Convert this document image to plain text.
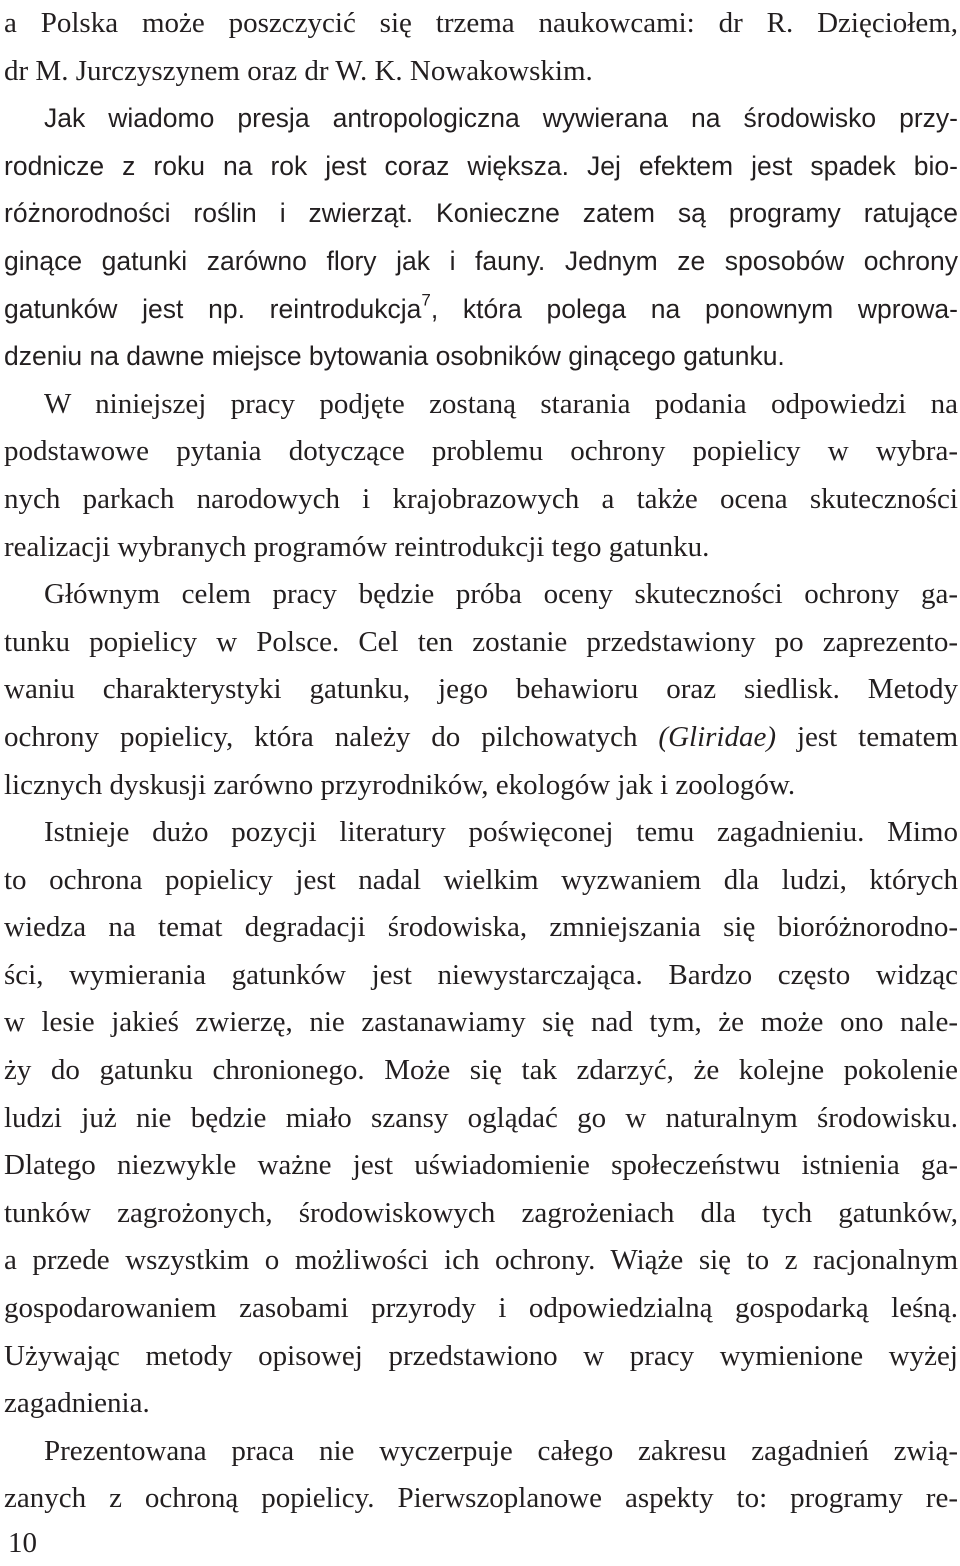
a Polska może poszczycić się trzema naukowcami: dr R. Dzięciołem,
dr M. Jurczyszynem oraz dr W. K. Nowakowskim.
Jak wiadomo presja antropologiczna wywierana na środowisko przy-
rodnicze z roku na rok jest coraz większa. Jej efektem jest spadek bio-
różnorodności roślin i zwierząt. Konieczne zatem są programy ratujące
ginące gatunki zarówno flory jak i fauny. Jednym ze sposobów ochrony
gatunków jest np. reintrodukcja$^7$, która polega na ponownym wprowa-
dzeniu na dawne miejsce bytowania osobników ginącego gatunku.
W niniejszej pracy podjęte zostaną starania podania odpowiedzi na
podstawowe pytania dotyczące problemu ochrony popielicy w wybra-
nych parkach narodowych i krajobrazowych a także ocena skuteczności
realizacji wybranych programów reintrodukcji tego gatunku.
Głównym celem pracy będzie próba oceny skuteczności ochrony ga-
tunku popielicy w Polsce. Cel ten zostanie przedstawiony po zaprezento-
waniu charakterystyki gatunku, jego behawioru oraz siedlisk. Metody
ochrony popielicy, która należy do pilchowatych (Gliridae) jest tematem
licznych dyskusji zarówno przyrodników, ekologów jak i zoologów.
Istnieje dużo pozycji literatury poświęconej temu zagadnieniu. Mimo
to ochrona popielicy jest nadal wielkim wyzwaniem dla ludzi, których
wiedza na temat degradacji środowiska, zmniejszania się bioróżnorodno-
ści, wymierania gatunków jest niewystarczająca. Bardzo często widząc
w lesie jakieś zwierzę, nie zastanawiamy się nad tym, że może ono nale-
ży do gatunku chronionego. Może się tak zdarzyć, że kolejne pokolenie
ludzi już nie będzie miało szansy oglądać go w naturalnym środowisku.
Dlatego niezwykle ważne jest uświadomienie społeczeństwu istnienia ga-
tunków zagrożonych, środowiskowych zagrożeniach dla tych gatunków,
a przede wszystkim o możliwości ich ochrony. Wiąże się to z racjonalnym
gospodarowaniem zasobami przyrody i odpowiedzialną gospodarką leśną.
Używając metody opisowej przedstawiono w pracy wymienione wyżej
zagadnienia.
Prezentowana praca nie wyczerpuje całego zakresu zagadnień zwią-
zanych z ochroną popielicy. Pierwszoplanowe aspekty to: programy re-
10
